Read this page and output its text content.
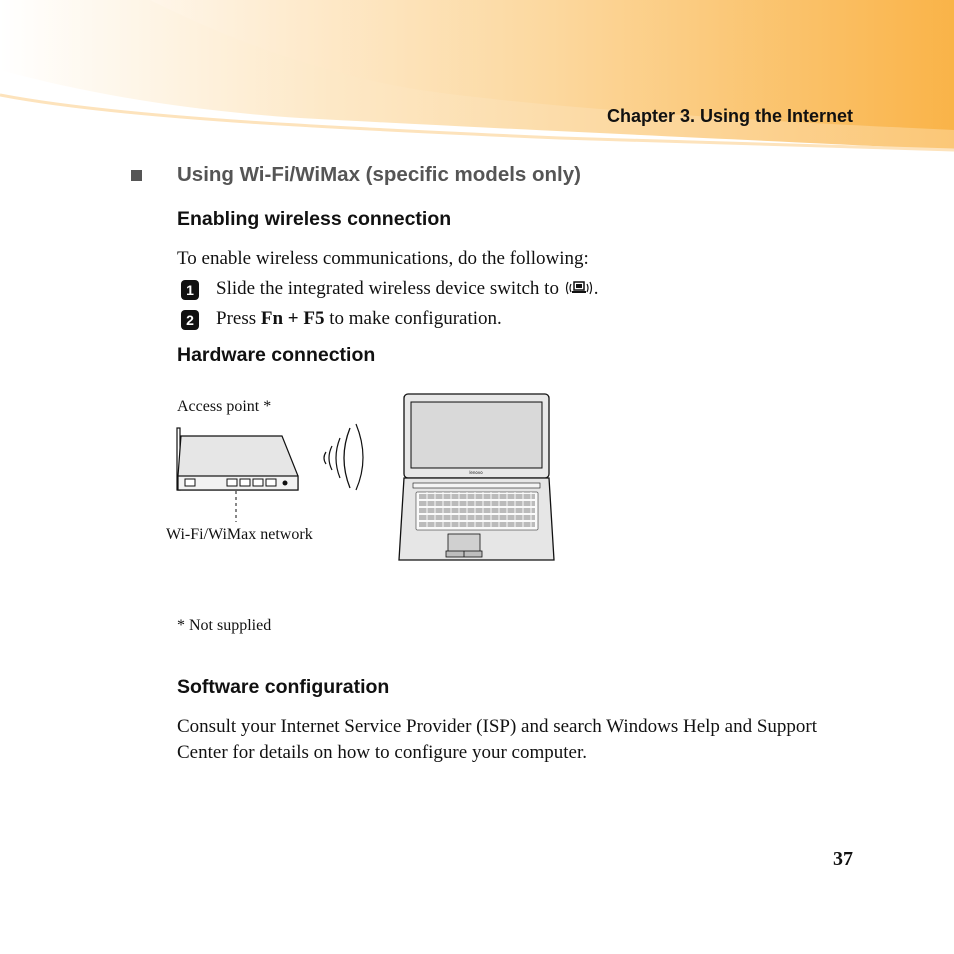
Chapter 3. Using the Internet
Using Wi-Fi/WiMax (specific models only)
Enabling wireless connection
To enable wireless communications, do the following:
1 Slide the integrated wireless device switch to .
2 Press Fn + F5 to make configuration.
Hardware connection
Access point *
Wi-Fi/WiMax network
lenovo
* Not supplied
Software configuration
Consult your Internet Service Provider (ISP) and search Windows Help and Support Center for details on how to configure your computer.
37
